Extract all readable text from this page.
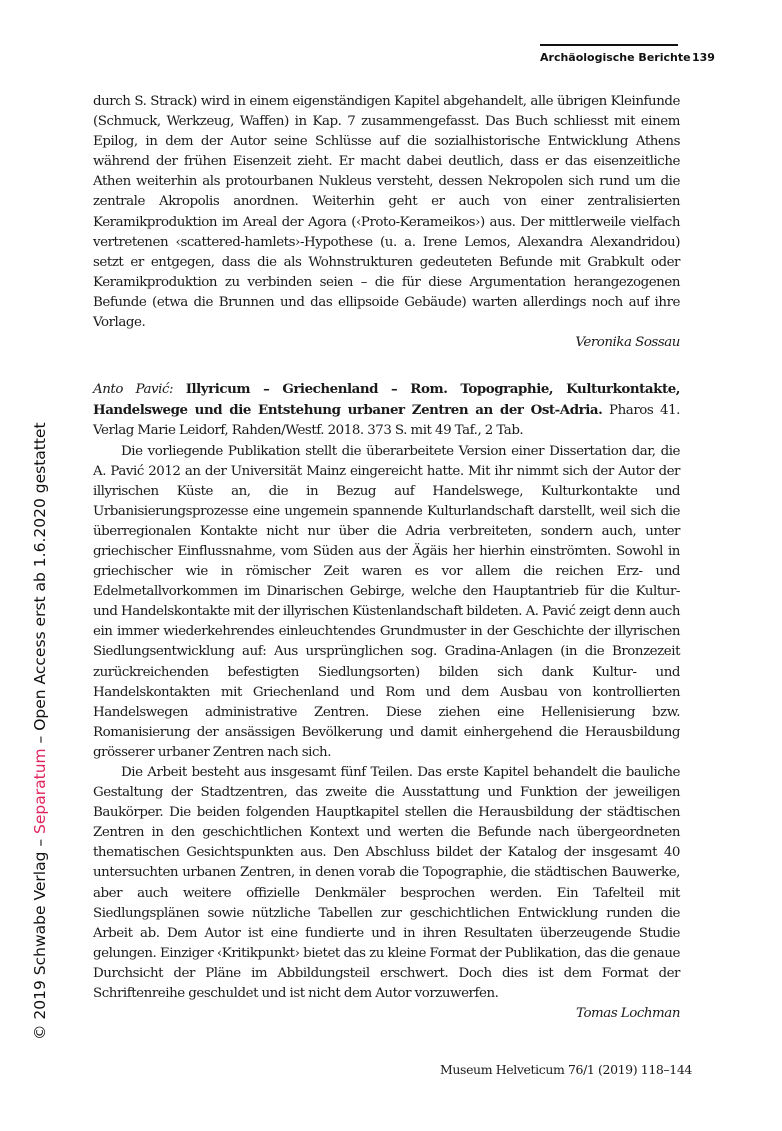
Archäologische Berichte 139
© 2019 Schwabe Verlag – Separatum – Open Access erst ab 1.6.2020 gestattet

durch S. Strack) wird in einem eigenständigen Kapitel abgehandelt, alle übrigen Kleinfunde (Schmuck, Werkzeug, Waffen) in Kap. 7 zusammengefasst. Das Buch schliesst mit einem Epilog, in dem der Autor seine Schlüsse auf die sozialhistorische Entwicklung Athens während der frühen Eisenzeit zieht. Er macht dabei deutlich, dass er das eisenzeitliche Athen weiterhin als protourbanen Nukleus versteht, dessen Nekropolen sich rund um die zentrale Akropolis anordnen. Weiterhin geht er auch von einer zentralisierten Keramikproduktion im Areal der Agora (‹Proto-Kerameikos›) aus. Der mittlerweile vielfach vertretenen ‹scattered-hamlets›-Hypothese (u. a. Irene Lemos, Alexandra Alexandridou) setzt er entgegen, dass die als Wohnstrukturen gedeuteten Befunde mit Grabkult oder Keramikproduktion zu verbinden seien – die für diese Argumentation herangezogenen Befunde (etwa die Brunnen und das ellipsoide Gebäude) warten allerdings noch auf ihre Vorlage.

Veronika Sossau

Anto Pavić: Illyricum – Griechenland – Rom. Topographie, Kulturkontakte, Handelswege und die Entstehung urbaner Zentren an der Ost-Adria. Pharos 41. Verlag Marie Leidorf, Rahden/Westf. 2018. 373 S. mit 49 Taf., 2 Tab.

Die vorliegende Publikation stellt die überarbeitete Version einer Dissertation dar, die A. Pavić 2012 an der Universität Mainz eingereicht hatte. Mit ihr nimmt sich der Autor der illyrischen Küste an, die in Bezug auf Handelswege, Kulturkontakte und Urbanisierungsprozesse eine ungemein spannende Kulturlandschaft darstellt, weil sich die überregionalen Kontakte nicht nur über die Adria verbreiteten, sondern auch, unter griechischer Einflussnahme, vom Süden aus der Ägäis her hierhin einströmten. Sowohl in griechischer wie in römischer Zeit waren es vor allem die reichen Erz- und Edelmetallvorkommen im Dinarischen Gebirge, welche den Hauptantrieb für die Kultur- und Handelskontakte mit der illyrischen Küstenlandschaft bildeten. A. Pavić zeigt denn auch ein immer wiederkehrendes einleuchtendes Grundmuster in der Geschichte der illyrischen Siedlungsentwicklung auf: Aus ursprünglichen sog. Gradina-Anlagen (in die Bronzezeit zurückreichenden befestigten Siedlungsorten) bilden sich dank Kultur- und Handelskontakten mit Griechenland und Rom und dem Ausbau von kontrollierten Handelswegen administrative Zentren. Diese ziehen eine Hellenisierung bzw. Romanisierung der ansässigen Bevölkerung und damit einhergehend die Herausbildung grösserer urbaner Zentren nach sich.

Die Arbeit besteht aus insgesamt fünf Teilen. Das erste Kapitel behandelt die bauliche Gestaltung der Stadtzentren, das zweite die Ausstattung und Funktion der jeweiligen Baukörper. Die beiden folgenden Hauptkapitel stellen die Herausbildung der städtischen Zentren in den geschichtlichen Kontext und werten die Befunde nach übergeordneten thematischen Gesichtspunkten aus. Den Abschluss bildet der Katalog der insgesamt 40 untersuchten urbanen Zentren, in denen vorab die Topographie, die städtischen Bauwerke, aber auch weitere offizielle Denkmäler besprochen werden. Ein Tafelteil mit Siedlungsplänen sowie nützliche Tabellen zur geschichtlichen Entwicklung runden die Arbeit ab. Dem Autor ist eine fundierte und in ihren Resultaten überzeugende Studie gelungen. Einziger ‹Kritikpunkt› bietet das zu kleine Format der Publikation, das die genaue Durchsicht der Pläne im Abbildungsteil erschwert. Doch dies ist dem Format der Schriftenreihe geschuldet und ist nicht dem Autor vorzuwerfen.

Tomas Lochman
Museum Helveticum 76/1 (2019) 118–144
